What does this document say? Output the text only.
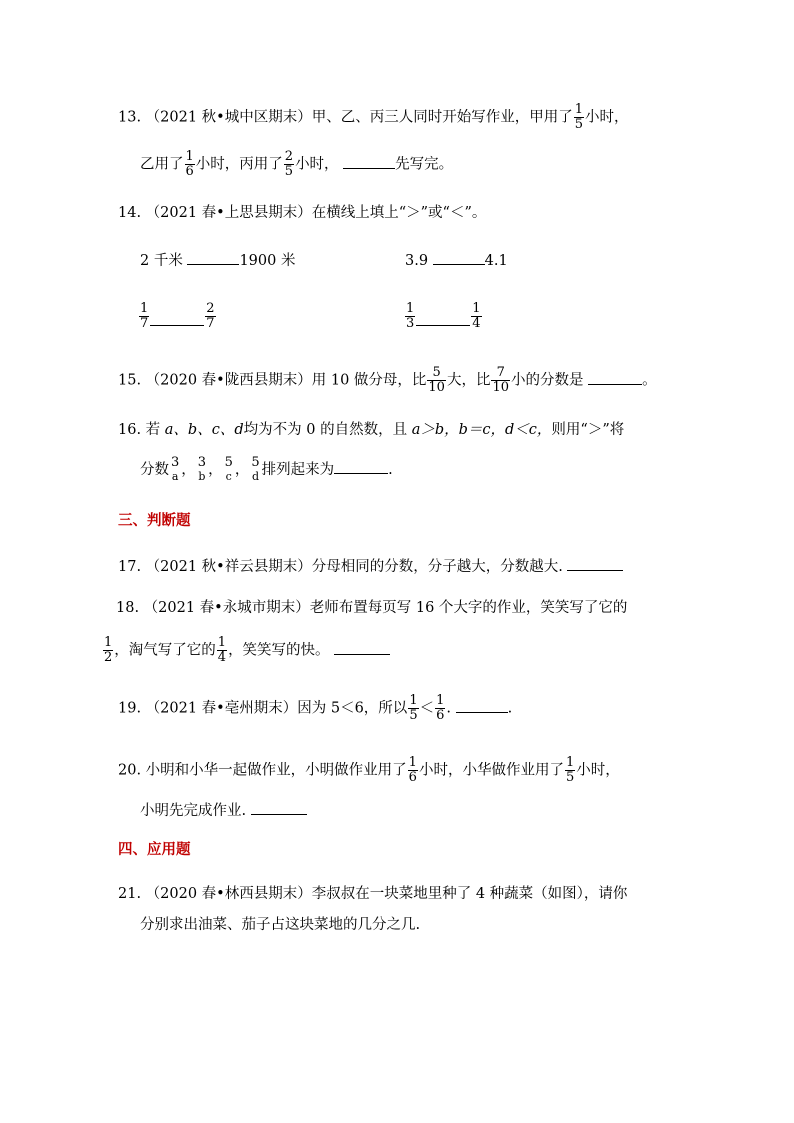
13. （2021 秋•城中区期末）甲、乙、丙三人同时开始写作业，甲用了 $\frac{1}{5}$ 小时，
乙用了 $\frac{1}{6}$ 小时，丙用了 $\frac{2}{5}$ 小时，	先写完。
14. （2021 春•上思县期末）在横线上填上“＞”或“＜”。
2 千米	1900 米	3.9	4.1
$\frac{1}{7}$	$\frac{2}{7}$	$\frac{1}{3}$	$\frac{1}{4}$
15. （2020 春•陇西县期末）用 10 做分母，比 $\frac{5}{10}$ 大，比 $\frac{7}{10}$ 小的分数是	。
16. 若 a、b、c、d均为不为 0 的自然数，且 a＞b，b＝c，d＜c，则用“＞”将
分数 3
a ， 3
b ， 5
c ， 5
d 排列起来为	.
三、判断题
17. （2021 秋•祥云县期末）分母相同的分数，分子越大，分数越大.
18. （2021 春•永城市期末）老师布置每页写 16 个大字的作业，笑笑写了它的
$\frac{1}{2}$ ，淘气写了它的 $\frac{1}{4}$ ，笑笑写的快。
19. （2021 春•亳州期末）因为 5＜6，所以 $\frac{1}{5} < \frac{1}{6}$ .	.
20. 小明和小华一起做作业，小明做作业用了 $\frac{1}{6}$ 小时，小华做作业用了 $\frac{1}{5}$ 小时，
小明先完成作业.
四、应用题
21. （2020 春•林西县期末）李叔叔在一块菜地里种了 4 种蔬菜（如图），请你
分别求出油菜、茄子占这块菜地的几分之几.
